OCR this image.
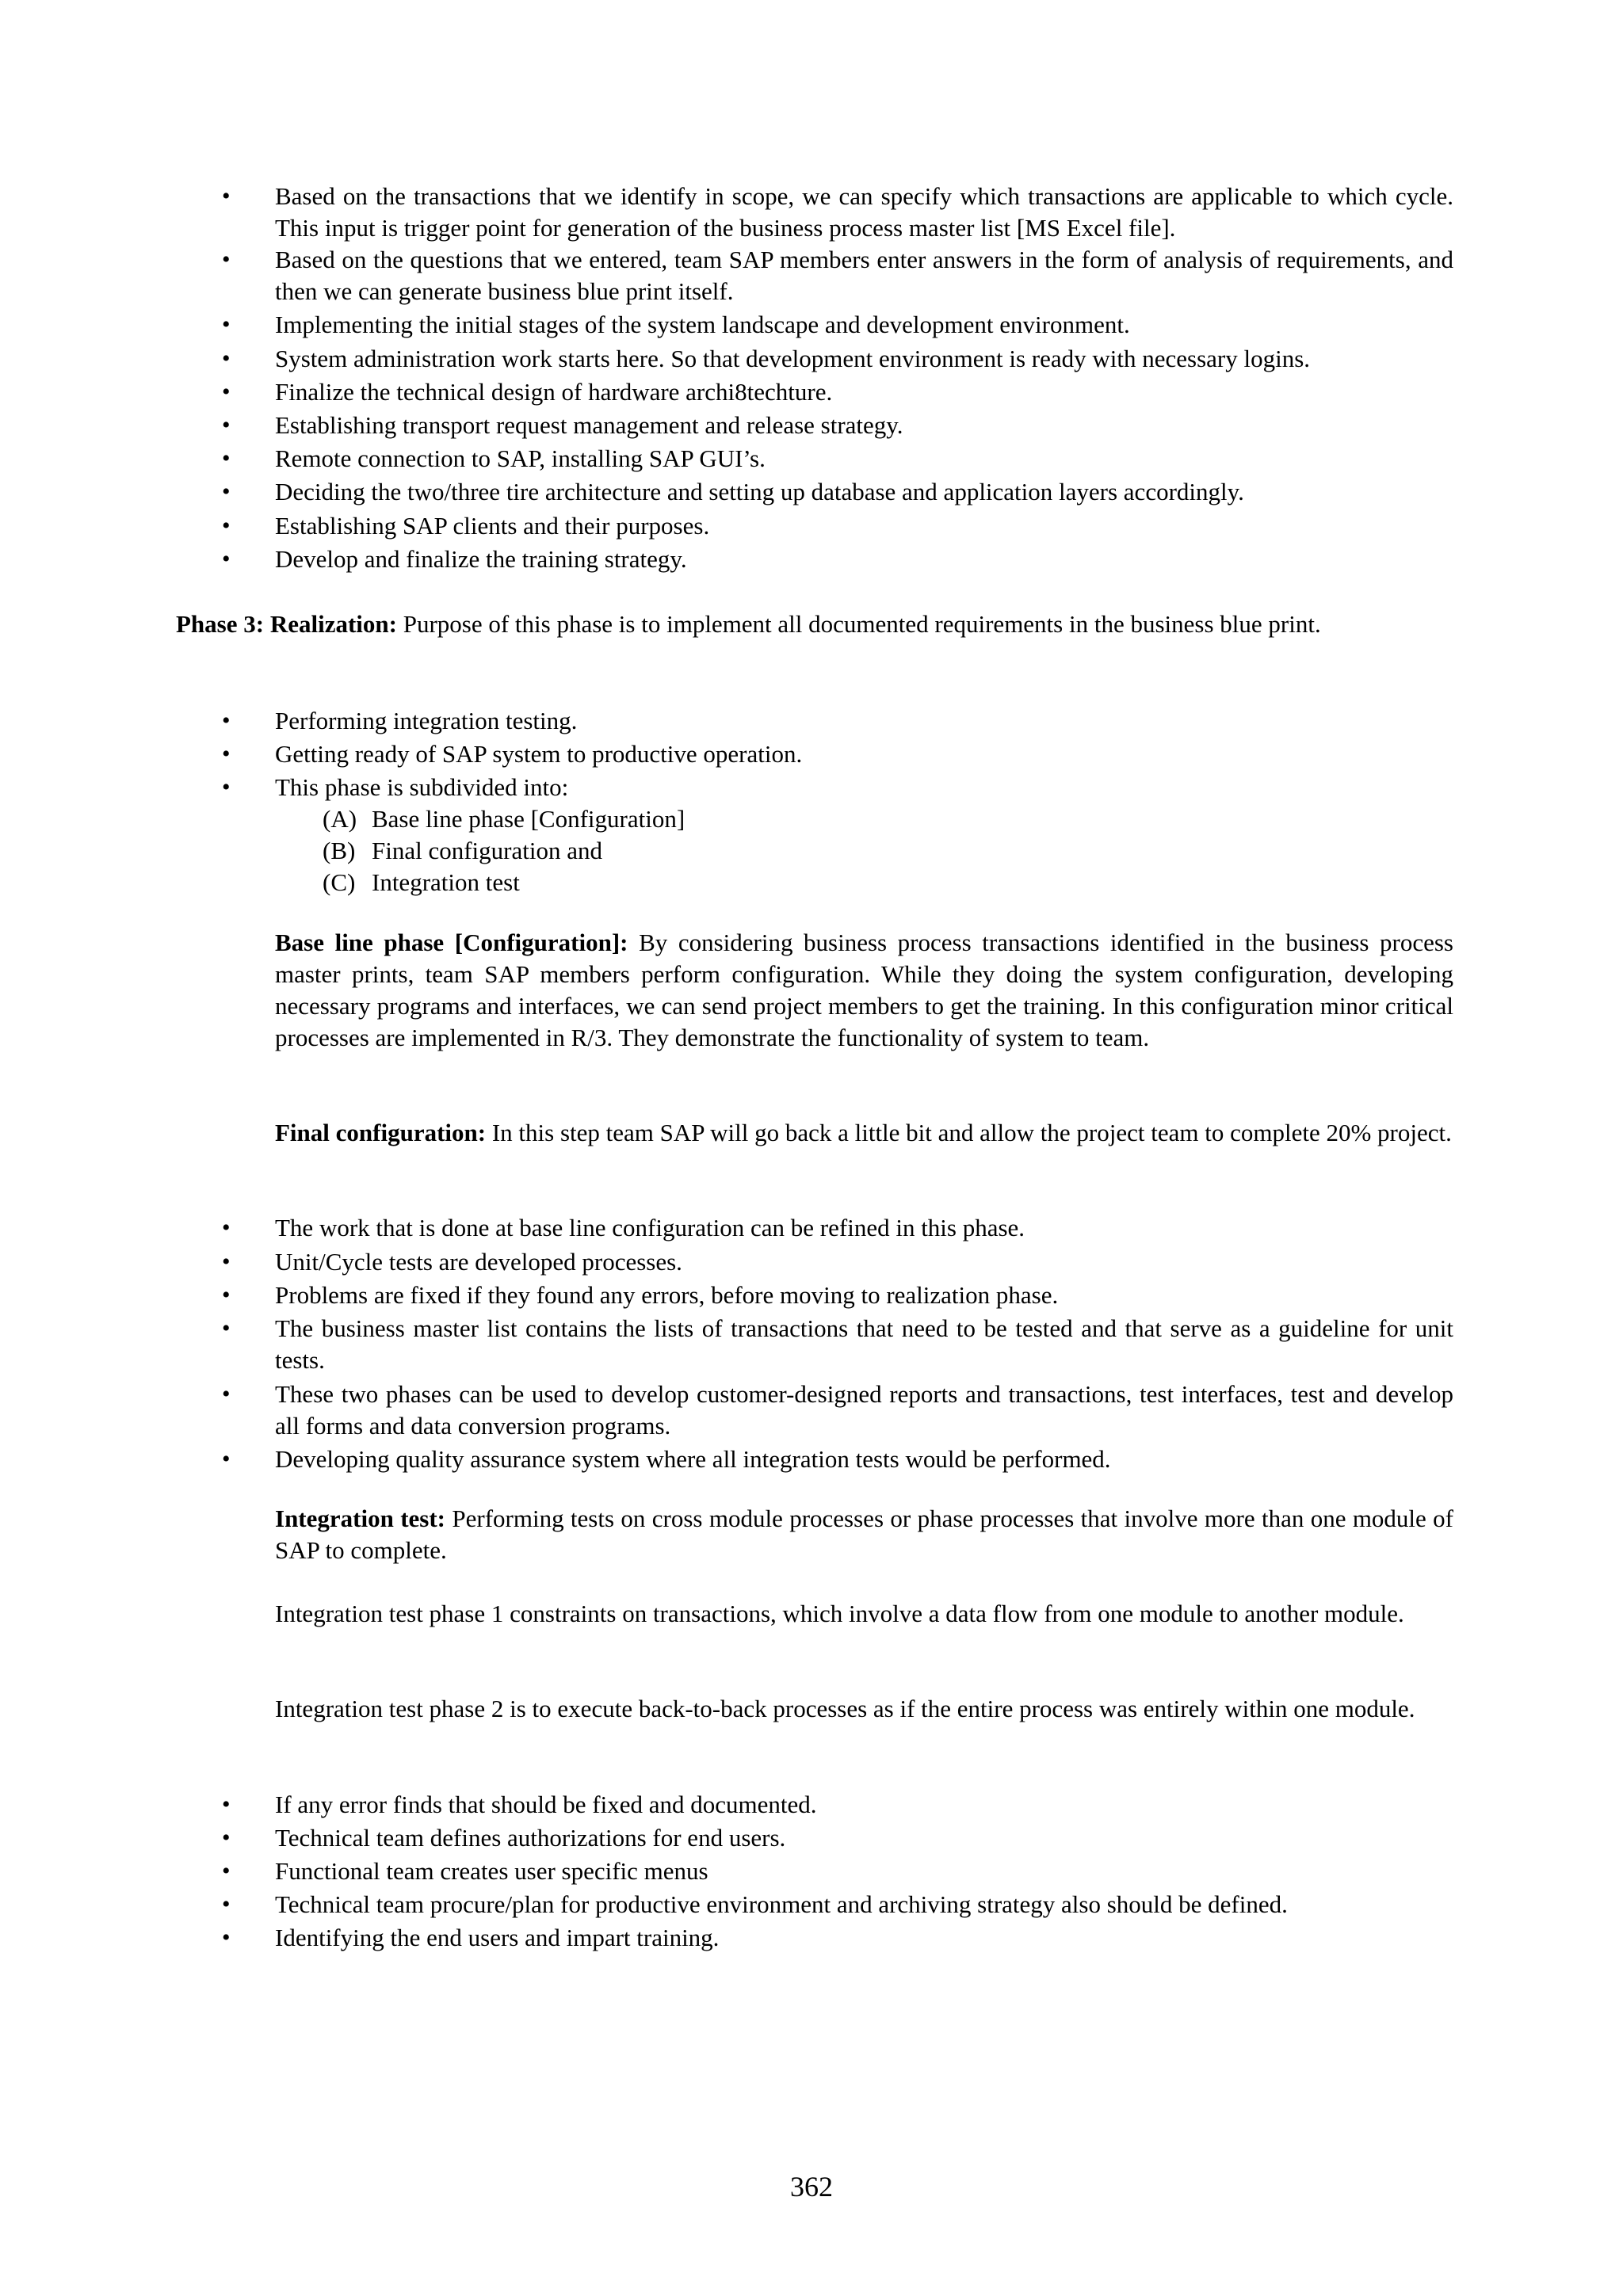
• Based on the transactions that we identify in scope, we can specify which transactions are applicable to which cycle. This input is trigger point for generation of the business process master list [MS Excel file].
• Based on the questions that we entered, team SAP members enter answers in the form of analysis of requirements, and then we can generate business blue print itself.
• Implementing the initial stages of the system landscape and development environment.
• System administration work starts here. So that development environment is ready with necessary logins.
• Finalize the technical design of hardware archi8techture.
• Establishing transport request management and release strategy.
• Remote connection to SAP, installing SAP GUI’s.
• Deciding the two/three tire architecture and setting up database and application layers accordingly.
• Establishing SAP clients and their purposes.
• Develop and finalize the training strategy.
Phase 3: Realization: Purpose of this phase is to implement all documented requirements in the business blue print.
• Performing integration testing.
• Getting ready of SAP system to productive operation.
• This phase is subdivided into:
(A) Base line phase [Configuration]
(B) Final configuration and
(C) Integration test
Base line phase [Configuration]: By considering business process transactions identified in the business process master prints, team SAP members perform configuration. While they doing the system configuration, developing necessary programs and interfaces, we can send project members to get the training. In this configuration minor critical processes are implemented in R/3. They demonstrate the functionality of system to team.
Final configuration: In this step team SAP will go back a little bit and allow the project team to complete 20% project.
• The work that is done at base line configuration can be refined in this phase.
• Unit/Cycle tests are developed processes.
• Problems are fixed if they found any errors, before moving to realization phase.
• The business master list contains the lists of transactions that need to be tested and that serve as a guideline for unit tests.
• These two phases can be used to develop customer-designed reports and transactions, test interfaces, test and develop all forms and data conversion programs.
• Developing quality assurance system where all integration tests would be performed.
Integration test: Performing tests on cross module processes or phase processes that involve more than one module of SAP to complete.
Integration test phase 1 constraints on transactions, which involve a data flow from one module to another module.
Integration test phase 2 is to execute back-to-back processes as if the entire process was entirely within one module.
• If any error finds that should be fixed and documented.
• Technical team defines authorizations for end users.
• Functional team creates user specific menus
• Technical team procure/plan for productive environment and archiving strategy also should be defined.
• Identifying the end users and impart training.
362
